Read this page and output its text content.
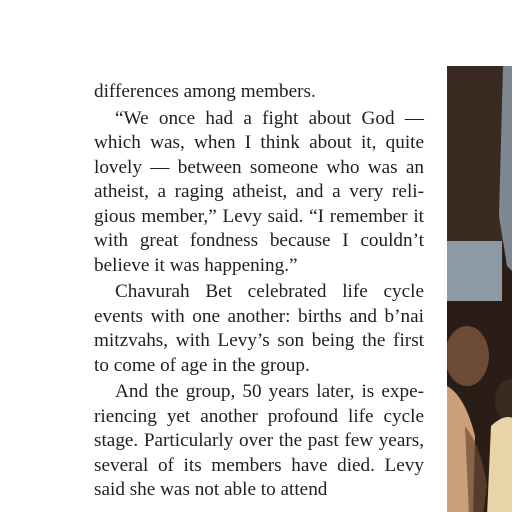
differences among members.

“We once had a fight about God — which was, when I think about it, quite lovely — between someone who was an atheist, a raging atheist, and a very religious member,” Levy said. “I remember it with great fondness because I couldn’t believe it was happening.”

Chavurah Bet celebrated life cycle events with one another: births and b’nai mitzvahs, with Levy’s son being the first to come of age in the group.

And the group, 50 years later, is experiencing yet another profound life cycle stage. Particularly over the past few years, several of its members have died. Levy said she was not able to attend
